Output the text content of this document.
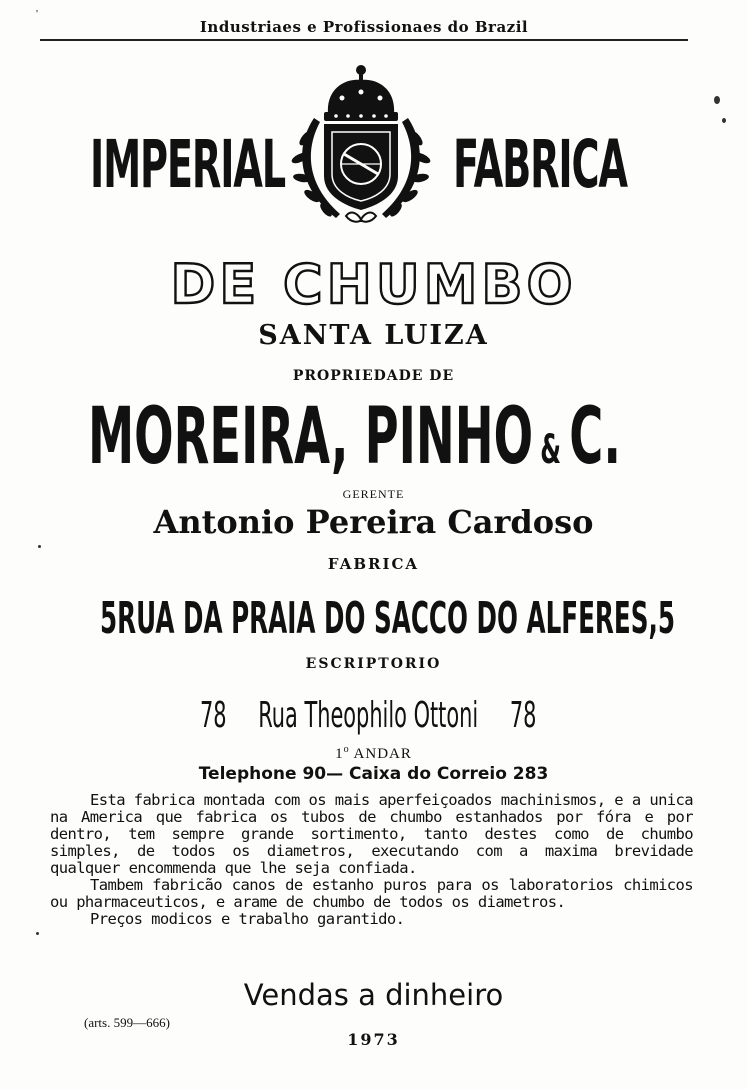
'
Industriaes e Profissionaes do Brazil
IMPERIAL	FABRICA
DE CHUMBO
SANTA LUIZA
PROPRIEDADE DE
MOREIRA, PINHO & C.
GERENTE
Antonio Pereira Cardoso
FABRICA
5 RUA DA PRAIA DO SACCO DO ALFERES, 5
ESCRIPTORIO
78 Rua Theophilo Ottoni 78
1$^o$ ANDAR
Telephone 90— Caixa do Correio 283

Esta fabrica montada com os mais aperfeiçoados machinismos, e a unica na America que fabrica os tubos de chumbo estanhados por fóra e por dentro, tem sempre grande sortimento, tanto destes como de chumbo simples, de todos os diametros, executando com a maxima brevidade qualquer encommenda que lhe seja confiada.

Tambem fabricão canos de estanho puros para os laboratorios chimicos ou pharmaceuticos, e arame de chumbo de todos os diametros.

Preços modicos e trabalho garantido.

Vendas a dinheiro
(arts. 599—666)
1973
